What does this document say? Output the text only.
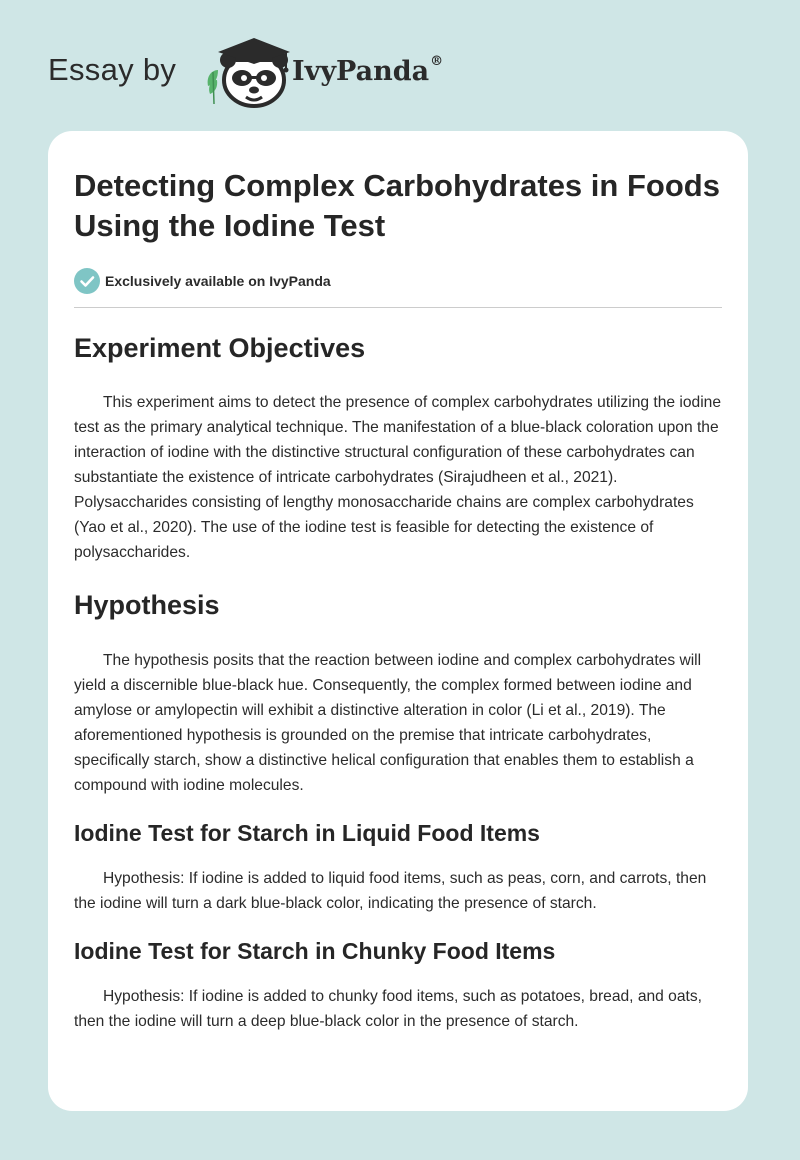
Essay by	IvyPanda®
Detecting Complex Carbohydrates in Foods Using the Iodine Test
Exclusively available on IvyPanda
Experiment Objectives

This experiment aims to detect the presence of complex carbohydrates utilizing the iodine test as the primary analytical technique. The manifestation of a blue-black coloration upon the interaction of iodine with the distinctive structural configuration of these carbohydrates can substantiate the existence of intricate carbohydrates (Sirajudheen et al., 2021). Polysaccharides consisting of lengthy monosaccharide chains are complex carbohydrates (Yao et al., 2020). The use of the iodine test is feasible for detecting the existence of polysaccharides.

Hypothesis

The hypothesis posits that the reaction between iodine and complex carbohydrates will yield a discernible blue-black hue. Consequently, the complex formed between iodine and amylose or amylopectin will exhibit a distinctive alteration in color (Li et al., 2019). The aforementioned hypothesis is grounded on the premise that intricate carbohydrates, specifically starch, show a distinctive helical configuration that enables them to establish a compound with iodine molecules.

Iodine Test for Starch in Liquid Food Items

Hypothesis: If iodine is added to liquid food items, such as peas, corn, and carrots, then the iodine will turn a dark blue-black color, indicating the presence of starch.

Iodine Test for Starch in Chunky Food Items

Hypothesis: If iodine is added to chunky food items, such as potatoes, bread, and oats, then the iodine will turn a deep blue-black color in the presence of starch.
